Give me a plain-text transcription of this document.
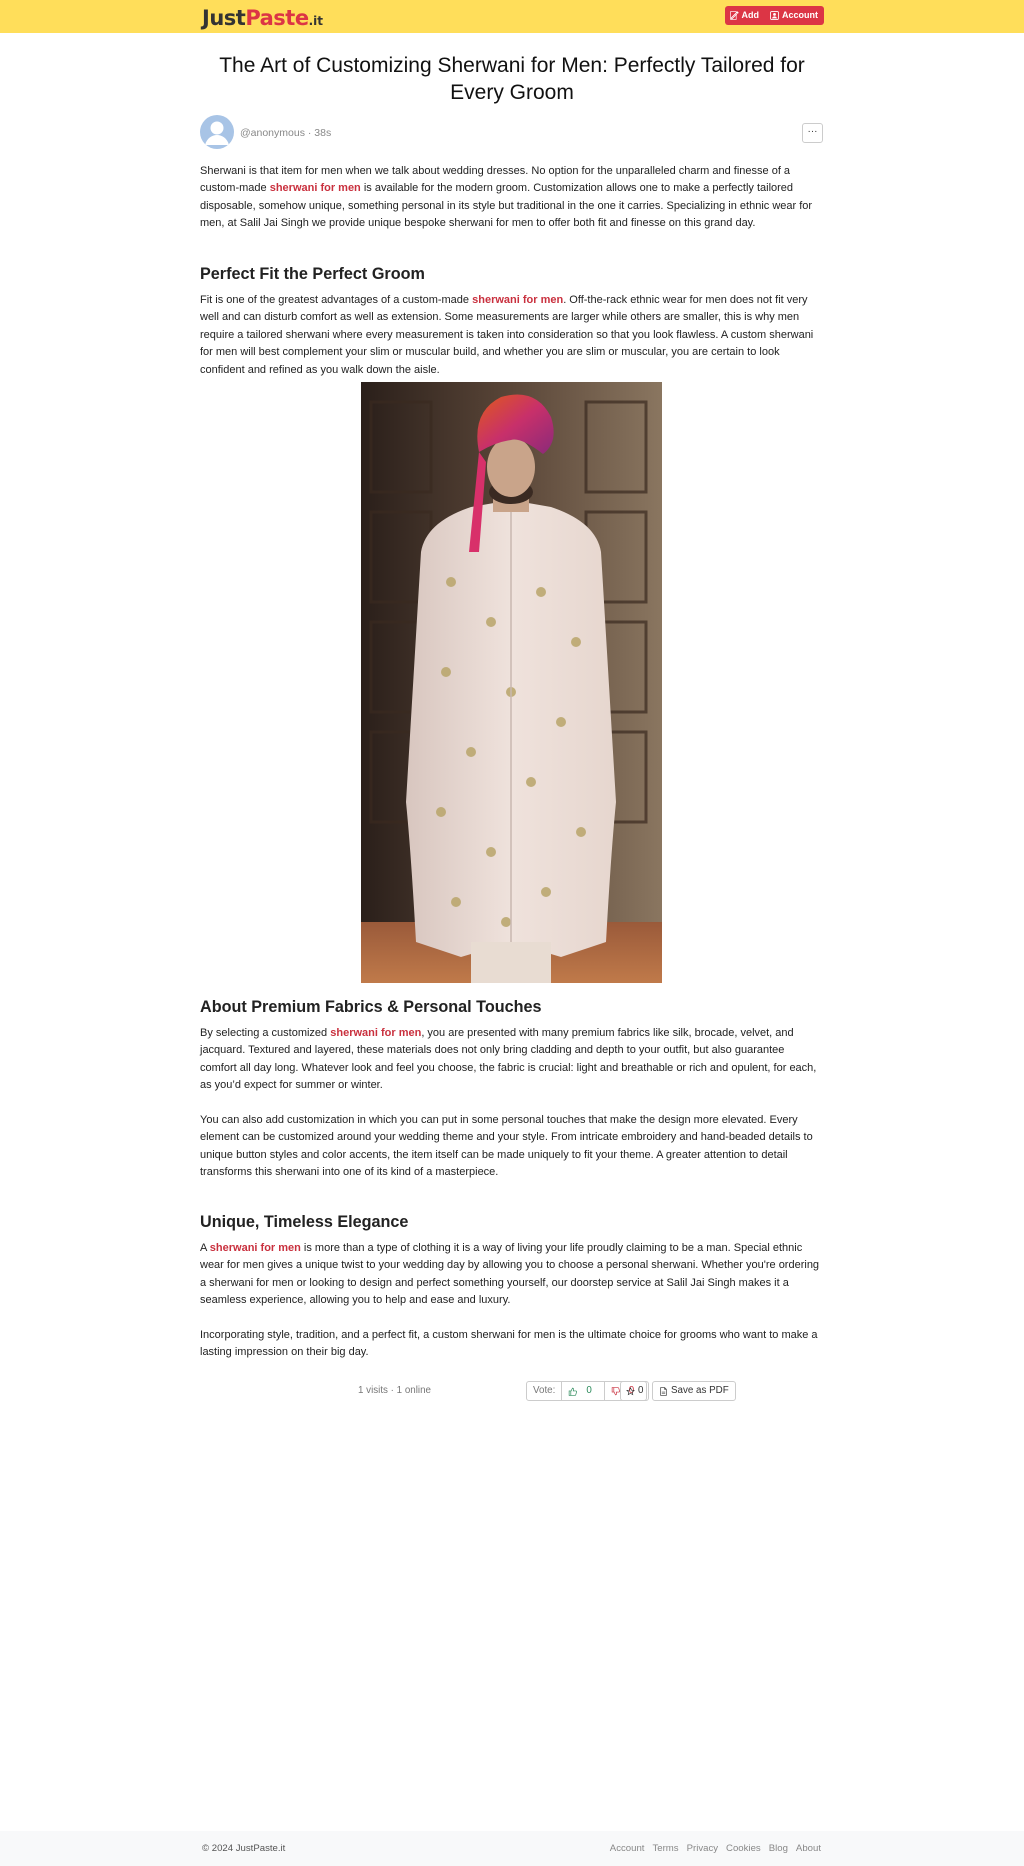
JustPaste.it	Add	Account
The Art of Customizing Sherwani for Men: Perfectly Tailored for Every Groom
@anonymous · 38s	···

Sherwani is that item for men when we talk about wedding dresses. No option for the unparalleled charm and finesse of a custom-made sherwani for men is available for the modern groom. Customization allows one to make a perfectly tailored disposable, somehow unique, something personal in its style but traditional in the one it carries. Specializing in ethnic wear for men, at Salil Jai Singh we provide unique bespoke sherwani for men to offer both fit and finesse on this grand day.

Perfect Fit the Perfect Groom

Fit is one of the greatest advantages of a custom-made sherwani for men. Off-the-rack ethnic wear for men does not fit very well and can disturb comfort as well as extension. Some measurements are larger while others are smaller, this is why men require a tailored sherwani where every measurement is taken into consideration so that you look flawless. A custom sherwani for men will best complement your slim or muscular build, and whether you are slim or muscular, you are certain to look confident and refined as you walk down the aisle.

About Premium Fabrics & Personal Touches

By selecting a customized sherwani for men, you are presented with many premium fabrics like silk, brocade, velvet, and jacquard. Textured and layered, these materials does not only bring cladding and depth to your outfit, but also guarantee comfort all day long. Whatever look and feel you choose, the fabric is crucial: light and breathable or rich and opulent, for each, as you’d expect for summer or winter.

You can also add customization in which you can put in some personal touches that make the design more elevated. Every element can be customized around your wedding theme and your style. From intricate embroidery and hand-beaded details to unique button styles and color accents, the item itself can be made uniquely to fit your theme. A greater attention to detail transforms this sherwani into one of its kind of a masterpiece.

Unique, Timeless Elegance

A sherwani for men is more than a type of clothing it is a way of living your life proudly claiming to be a man. Special ethnic wear for men gives a unique twist to your wedding day by allowing you to choose a personal sherwani. Whether you're ordering a sherwani for men or looking to design and perfect something yourself, our doorstep service at Salil Jai Singh makes it a seamless experience, allowing you to help and ease and luxury.

Incorporating style, tradition, and a perfect fit, a custom sherwani for men is the ultimate choice for grooms who want to make a lasting impression on their big day.

1 visits · 1 online	Vote:	0	0 0	Save as PDF
© 2024 JustPaste.it	Account Terms Privacy Cookies Blog About
